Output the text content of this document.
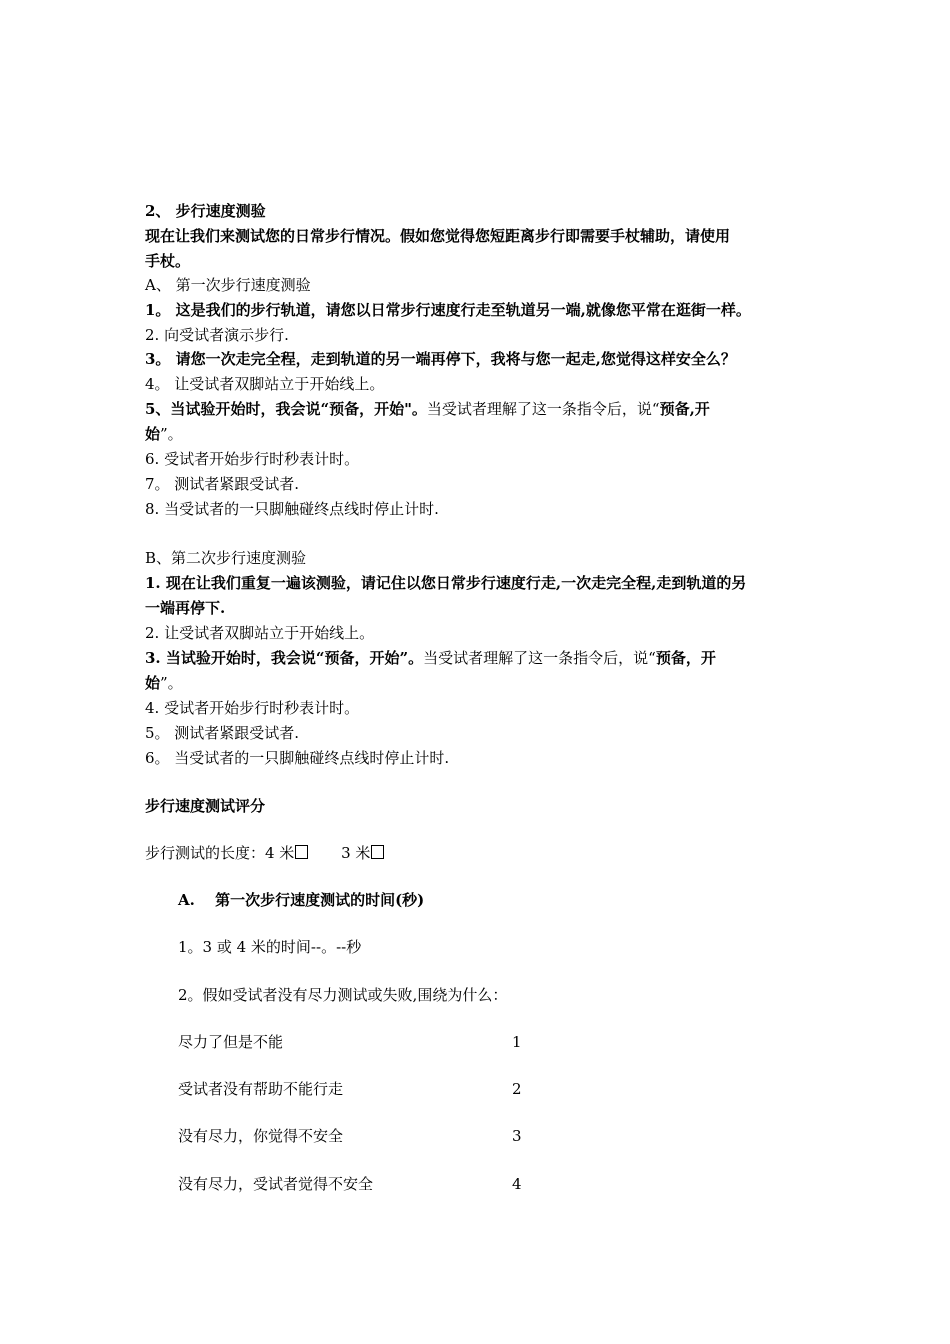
2、 步行速度测验
现在让我们来测试您的日常步行情况。假如您觉得您短距离步行即需要手杖辅助，请使用
手杖。
A、 第一次步行速度测验
1。 这是我们的步行轨道，请您以日常步行速度行走至轨道另一端,就像您平常在逛街一样。
2. 向受试者演示步行.
3。 请您一次走完全程，走到轨道的另一端再停下，我将与您一起走,您觉得这样安全么？
4。 让受试者双脚站立于开始线上。
5、当试验开始时，我会说“预备，开始"。当受试者理解了这一条指令后，说“预备,开
始”。
6. 受试者开始步行时秒表计时。
7。 测试者紧跟受试者.
8. 当受试者的一只脚触碰终点线时停止计时.
B、第二次步行速度测验
1. 现在让我们重复一遍该测验，请记住以您日常步行速度行走,一次走完全程,走到轨道的另
一端再停下.
2. 让受试者双脚站立于开始线上。
3. 当试验开始时，我会说“预备，开始”。当受试者理解了这一条指令后，说“预备，开
始”。
4. 受试者开始步行时秒表计时。
5。 测试者紧跟受试者.
6。 当受试者的一只脚触碰终点线时停止计时.
步行速度测试评分
步行测试的长度：4 米	3 米
A.　 第一次步行速度测试的时间(秒)
1。3 或 4 米的时间--。--秒
2。假如受试者没有尽力测试或失败,围绕为什么：
尽力了但是不能	1
受试者没有帮助不能行走	2
没有尽力，你觉得不安全	3
没有尽力，受试者觉得不安全	4
